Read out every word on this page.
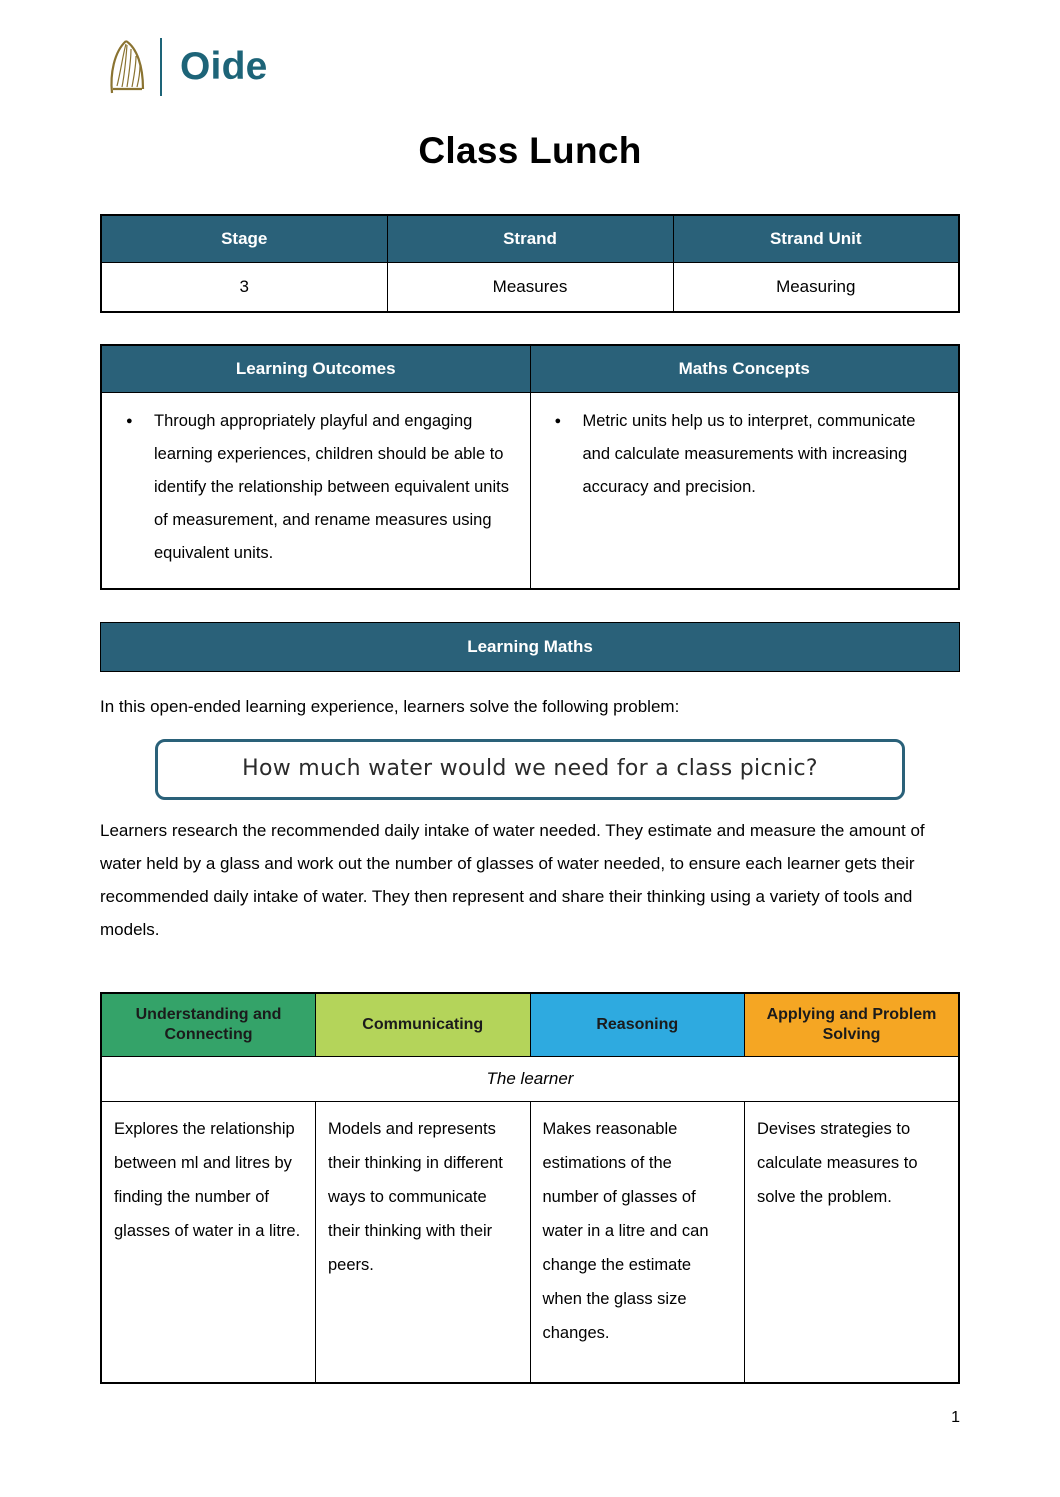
Oide
Class Lunch
Stage	Strand	Strand Unit
3	Measures	Measuring
Learning Outcomes	Maths Concepts

● Through appropriately playful and engaging learning experiences, children should be able to identify the relationship between equivalent units of measurement, and rename measures using equivalent units.

● Metric units help us to interpret, communicate and calculate measurements with increasing accuracy and precision.
Learning Maths

In this open-ended learning experience, learners solve the following problem:

How much water would we need for a class picnic?

Learners research the recommended daily intake of water needed. They estimate and measure the amount of water held by a glass and work out the number of glasses of water needed, to ensure each learner gets their recommended daily intake of water. They then represent and share their thinking using a variety of tools and models.

Understanding and Connecting	Communicating	Reasoning	Applying and Problem Solving
The learner			
Explores the relationship between ml and litres by finding the number of glasses of water in a litre.	Models and represents their thinking in different ways to communicate their thinking with their peers.	Makes reasonable estimations of the number of glasses of water in a litre and can change the estimate when the glass size changes.	Devises strategies to calculate measures to solve the problem.
1
